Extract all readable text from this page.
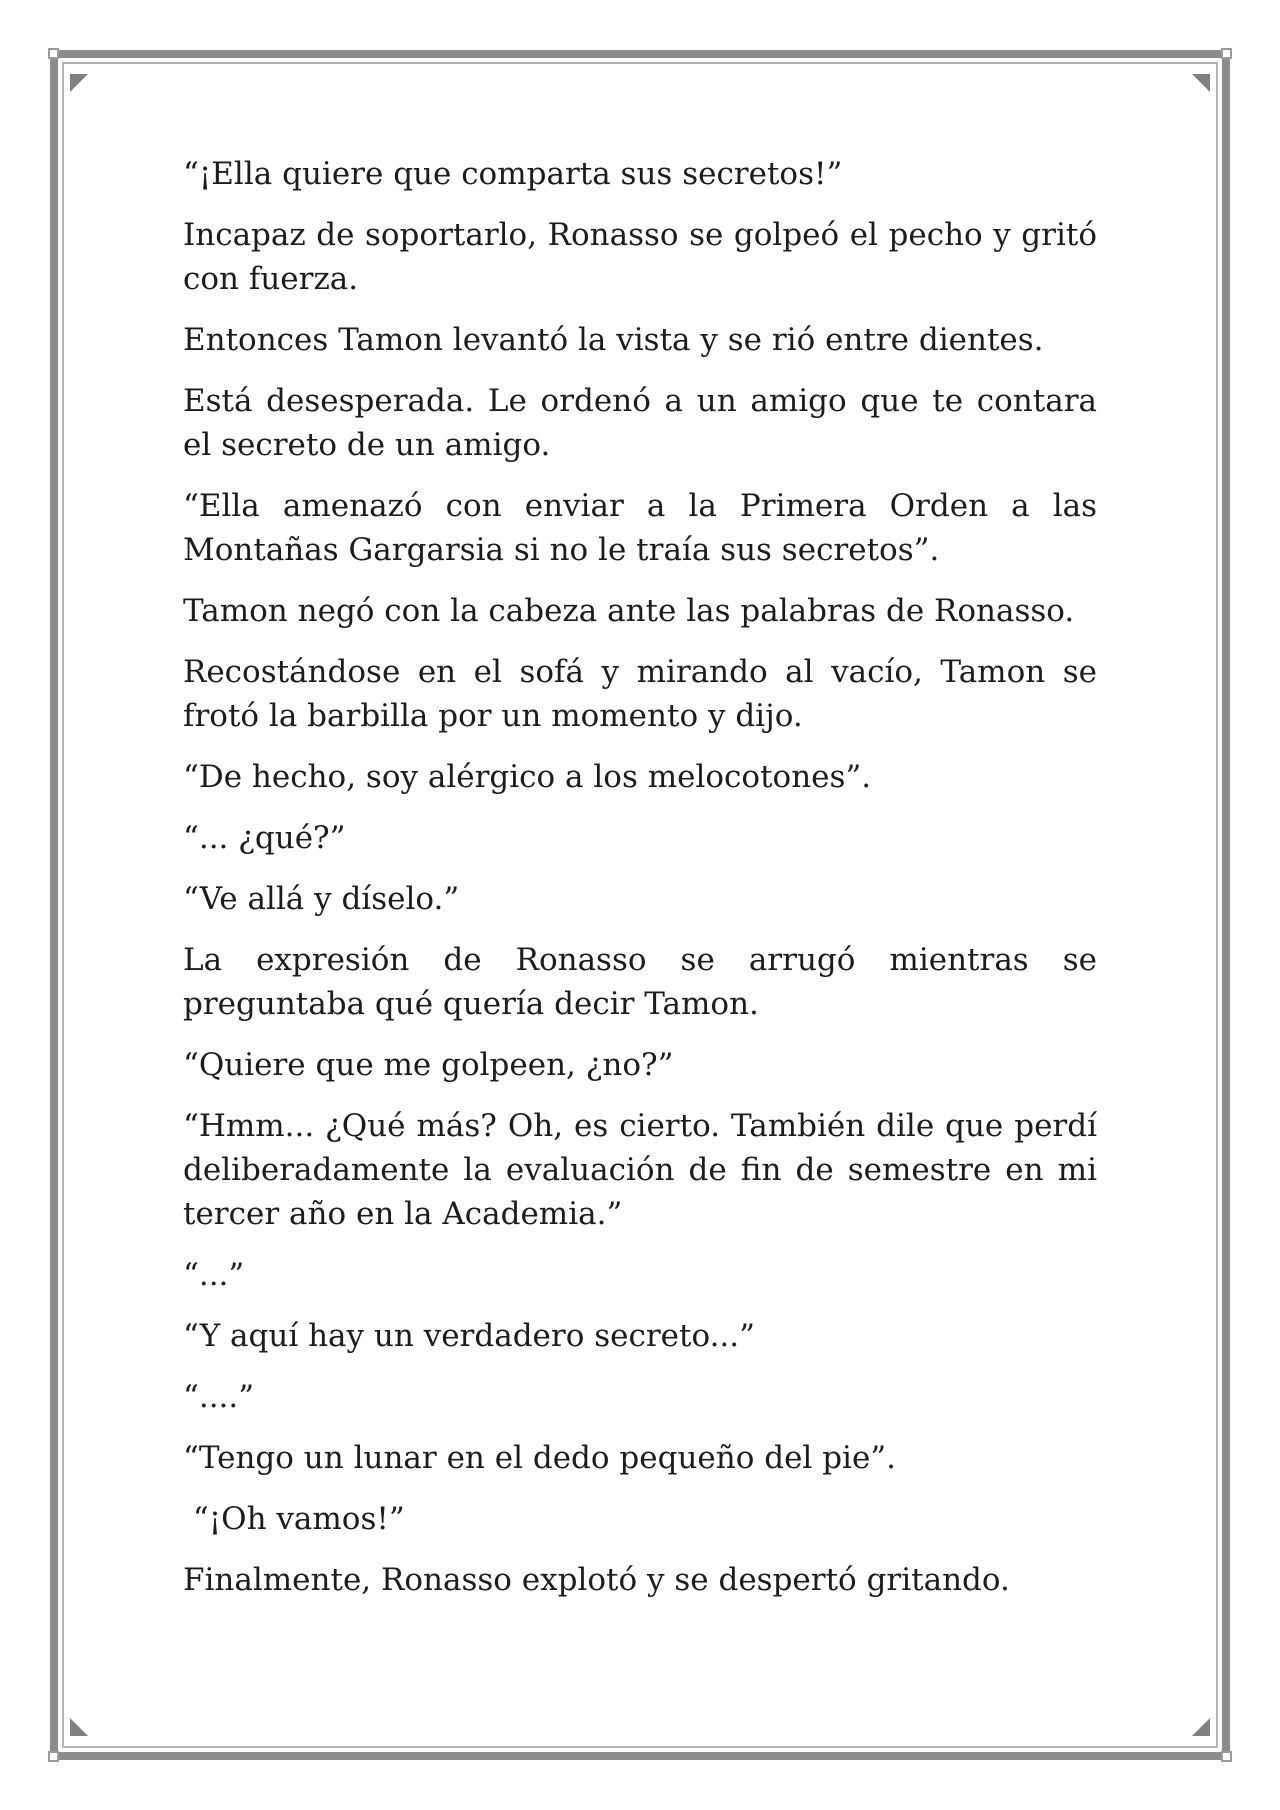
“¡Ella quiere que comparta sus secretos!”

Incapaz de soportarlo, Ronasso se golpeó el pecho y gritó con fuerza.

Entonces Tamon levantó la vista y se rió entre dientes.

Está desesperada. Le ordenó a un amigo que te contara el secreto de un amigo.

“Ella amenazó con enviar a la Primera Orden a las Montañas Gargarsia si no le traía sus secretos”.

Tamon negó con la cabeza ante las palabras de Ronasso.

Recostándose en el sofá y mirando al vacío, Tamon se frotó la barbilla por un momento y dijo.

“De hecho, soy alérgico a los melocotones”.

“... ¿qué?”

“Ve allá y díselo.”

La expresión de Ronasso se arrugó mientras se preguntaba qué quería decir Tamon.

“Quiere que me golpeen, ¿no?”

“Hmm... ¿Qué más? Oh, es cierto. También dile que perdí deliberadamente la evaluación de fin de semestre en mi tercer año en la Academia.”

“...”

“Y aquí hay un verdadero secreto...”

“....”

“Tengo un lunar en el dedo pequeño del pie”.

“¡Oh vamos!”

Finalmente, Ronasso explotó y se despertó gritando.
